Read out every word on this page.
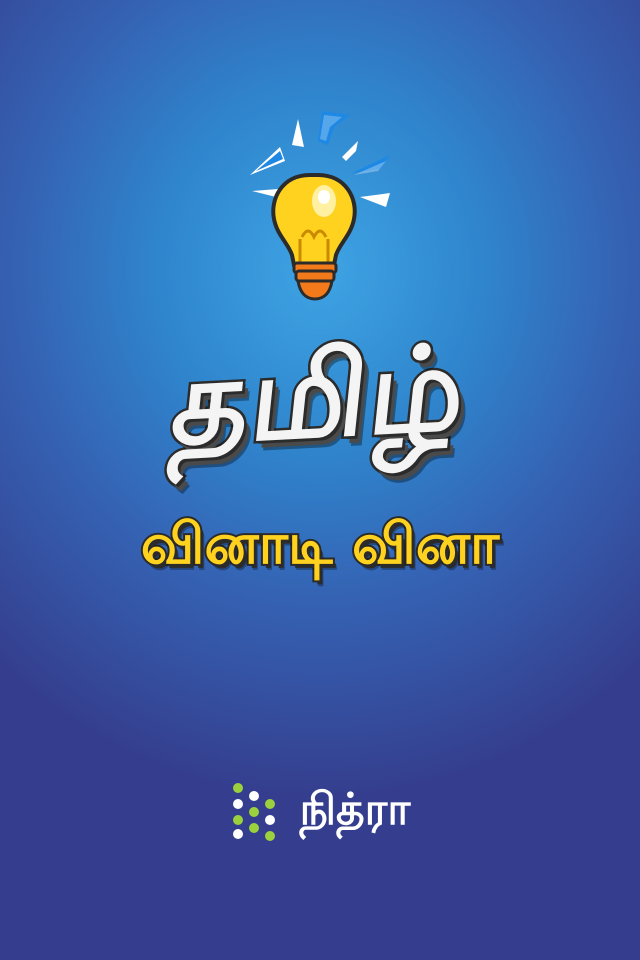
தமிழ்
வினாடி வினா
நித்ரா
